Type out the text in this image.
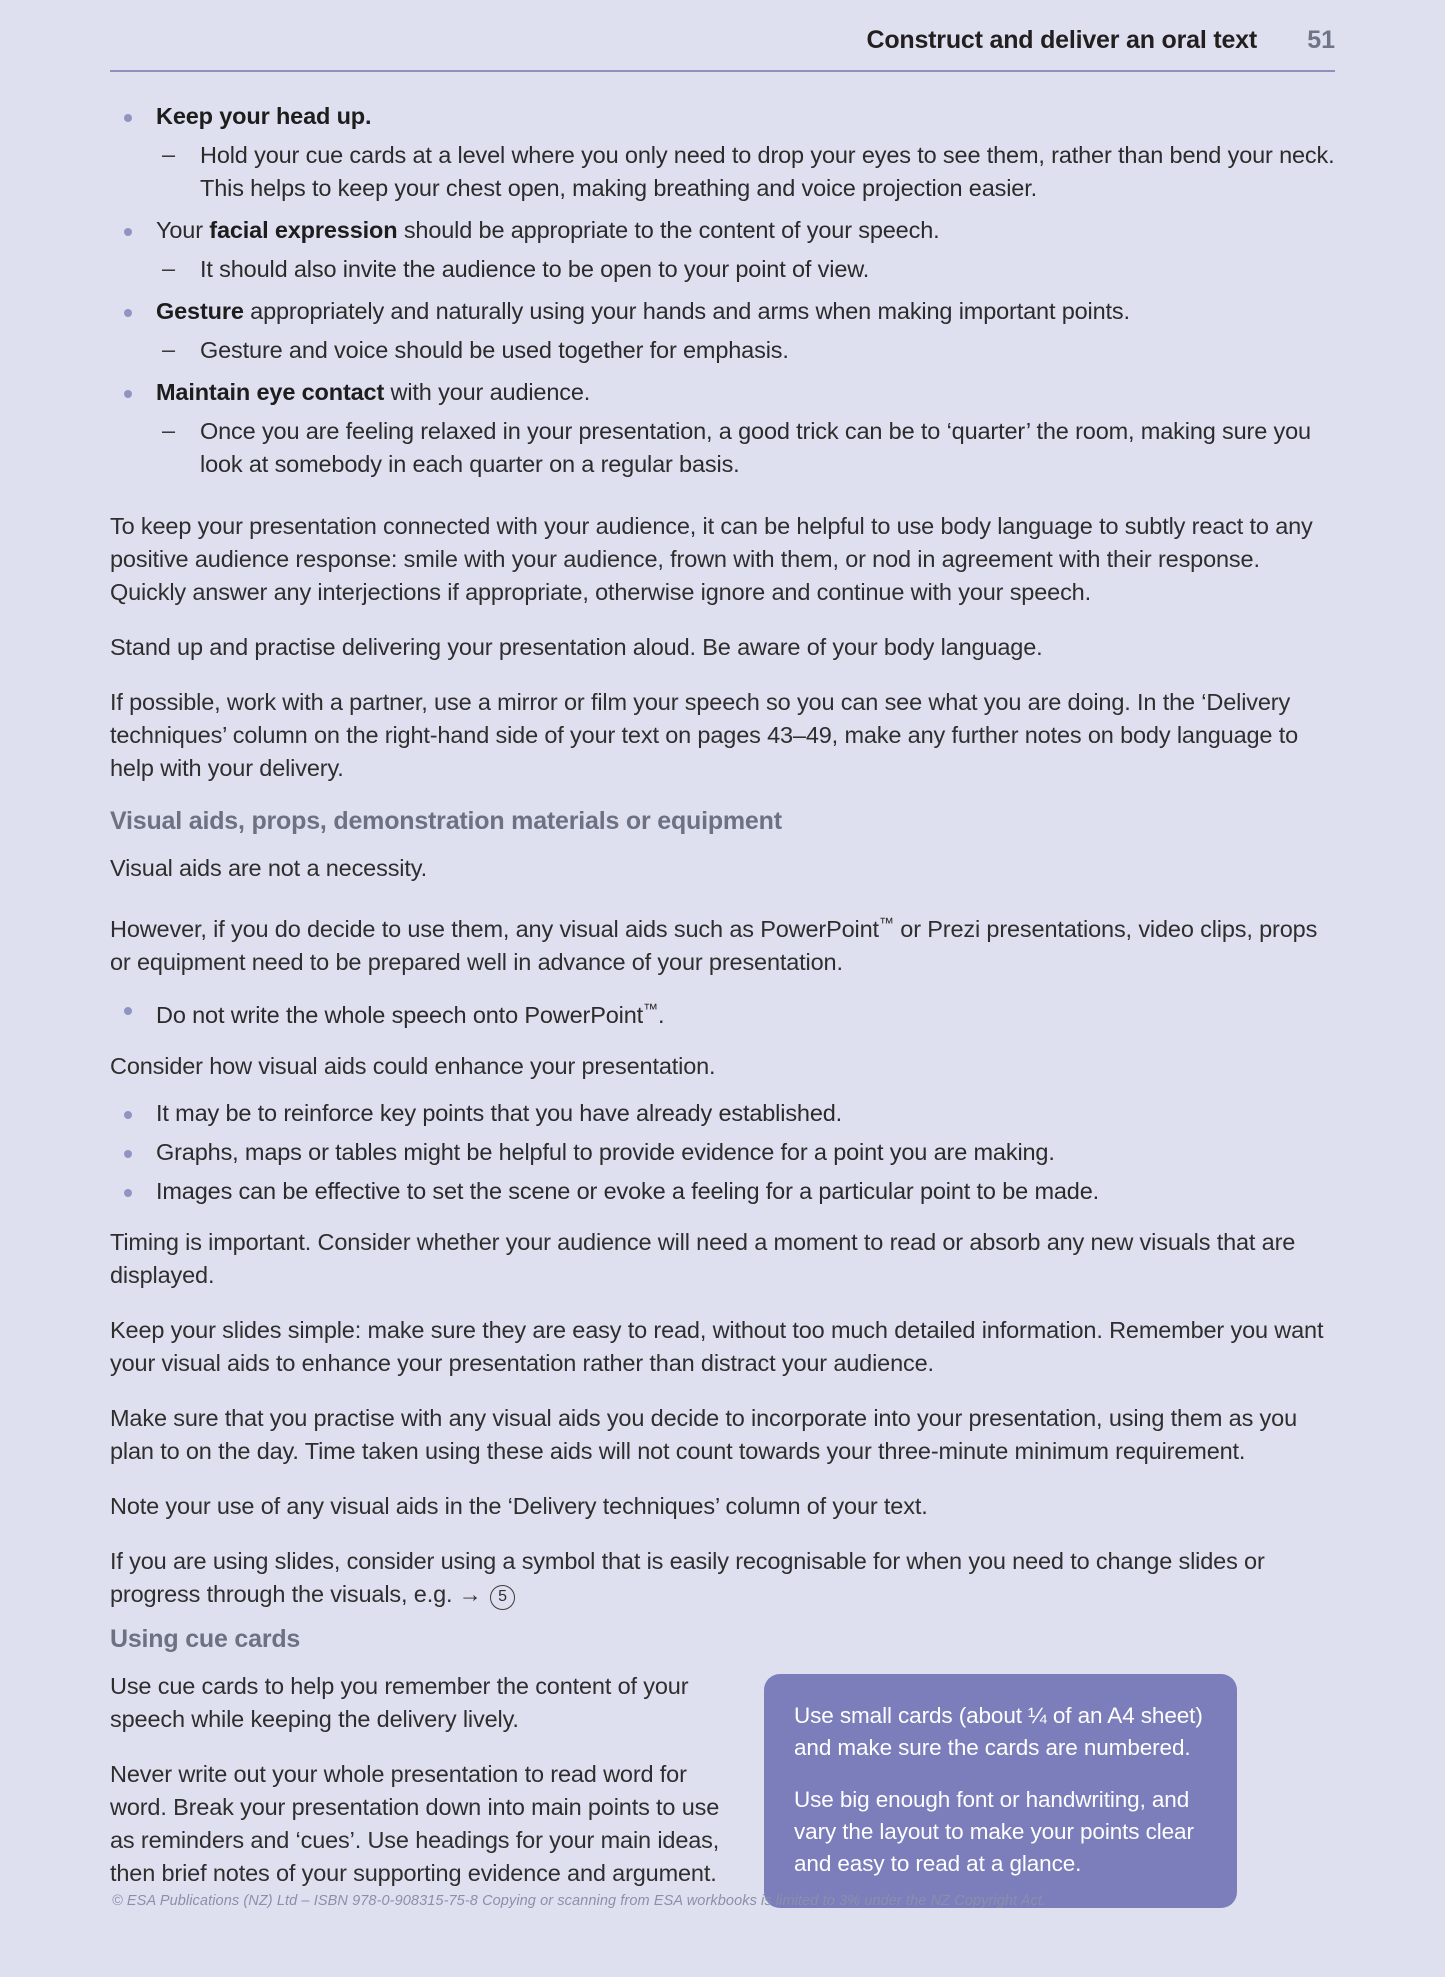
Construct and deliver an oral text 51
Keep your head up.
– Hold your cue cards at a level where you only need to drop your eyes to see them, rather than bend your neck. This helps to keep your chest open, making breathing and voice projection easier.
Your facial expression should be appropriate to the content of your speech.
– It should also invite the audience to be open to your point of view.
Gesture appropriately and naturally using your hands and arms when making important points.
– Gesture and voice should be used together for emphasis.
Maintain eye contact with your audience.
– Once you are feeling relaxed in your presentation, a good trick can be to ‘quarter’ the room, making sure you look at somebody in each quarter on a regular basis.

To keep your presentation connected with your audience, it can be helpful to use body language to subtly react to any positive audience response: smile with your audience, frown with them, or nod in agreement with their response. Quickly answer any interjections if appropriate, otherwise ignore and continue with your speech.

Stand up and practise delivering your presentation aloud. Be aware of your body language.

If possible, work with a partner, use a mirror or film your speech so you can see what you are doing. In the ‘Delivery techniques’ column on the right-hand side of your text on pages 43–49, make any further notes on body language to help with your delivery.

Visual aids, props, demonstration materials or equipment

Visual aids are not a necessity.

However, if you do decide to use them, any visual aids such as PowerPoint™ or Prezi presentations, video clips, props or equipment need to be prepared well in advance of your presentation.

Do not write the whole speech onto PowerPoint™.

Consider how visual aids could enhance your presentation.

It may be to reinforce key points that you have already established.
Graphs, maps or tables might be helpful to provide evidence for a point you are making.
Images can be effective to set the scene or evoke a feeling for a particular point to be made.

Timing is important. Consider whether your audience will need a moment to read or absorb any new visuals that are displayed.

Keep your slides simple: make sure they are easy to read, without too much detailed information. Remember you want your visual aids to enhance your presentation rather than distract your audience.

Make sure that you practise with any visual aids you decide to incorporate into your presentation, using them as you plan to on the day. Time taken using these aids will not count towards your three-minute minimum requirement.

Note your use of any visual aids in the ‘Delivery techniques’ column of your text.

If you are using slides, consider using a symbol that is easily recognisable for when you need to change slides or progress through the visuals, e.g. → 5

Using cue cards

Use cue cards to help you remember the content of your speech while keeping the delivery lively.

Never write out your whole presentation to read word for word. Break your presentation down into main points to use as reminders and ‘cues’. Use headings for your main ideas, then brief notes of your supporting evidence and argument.

Use small cards (about ¼ of an A4 sheet) and make sure the cards are numbered.

Use big enough font or handwriting, and vary the layout to make your points clear and easy to read at a glance.

© ESA Publications (NZ) Ltd – ISBN 978-0-908315-75-8 Copying or scanning from ESA workbooks is limited to 3% under the NZ Copyright Act.
